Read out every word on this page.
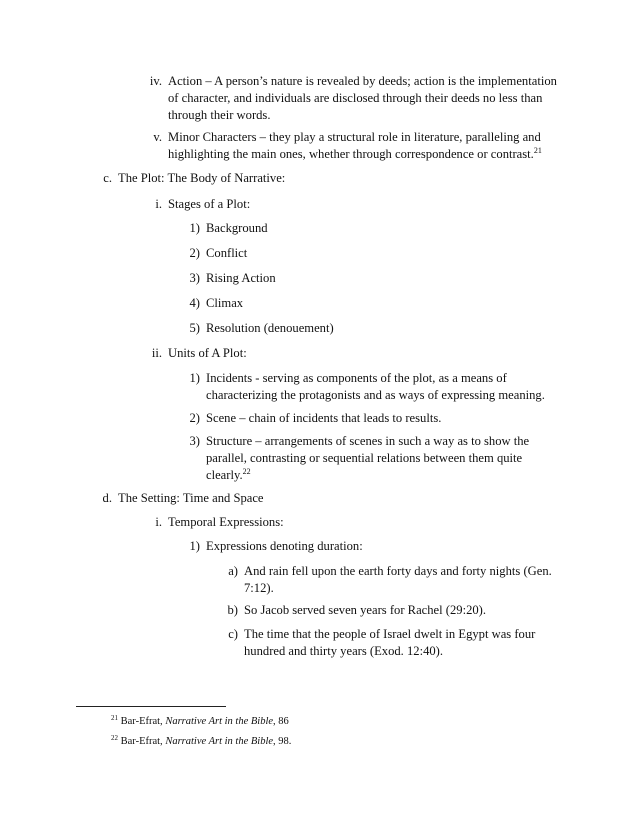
iv. Action – A person’s nature is revealed by deeds; action is the implementation
of character, and individuals are disclosed through their deeds no less than
through their words.
v. Minor Characters – they play a structural role in literature, paralleling and
highlighting the main ones, whether through correspondence or contrast.$^{21}$
c. The Plot: The Body of Narrative:
i. Stages of a Plot:
1) Background
2) Conflict
3) Rising Action
4) Climax
5) Resolution (denouement)
ii. Units of A Plot:
1) Incidents - serving as components of the plot, as a means of
characterizing the protagonists and as ways of expressing meaning.
2) Scene – chain of incidents that leads to results.
3) Structure – arrangements of scenes in such a way as to show the
parallel, contrasting or sequential relations between them quite
clearly.$^{22}$
d. The Setting: Time and Space
i. Temporal Expressions:
1) Expressions denoting duration:
a) And rain fell upon the earth forty days and forty nights (Gen.
7:12).
b) So Jacob served seven years for Rachel (29:20).
c) The time that the people of Israel dwelt in Egypt was four
hundred and thirty years (Exod. 12:40).
$^{21}$ Bar-Efrat, Narrative Art in the Bible, 86
$^{22}$ Bar-Efrat, Narrative Art in the Bible, 98.
